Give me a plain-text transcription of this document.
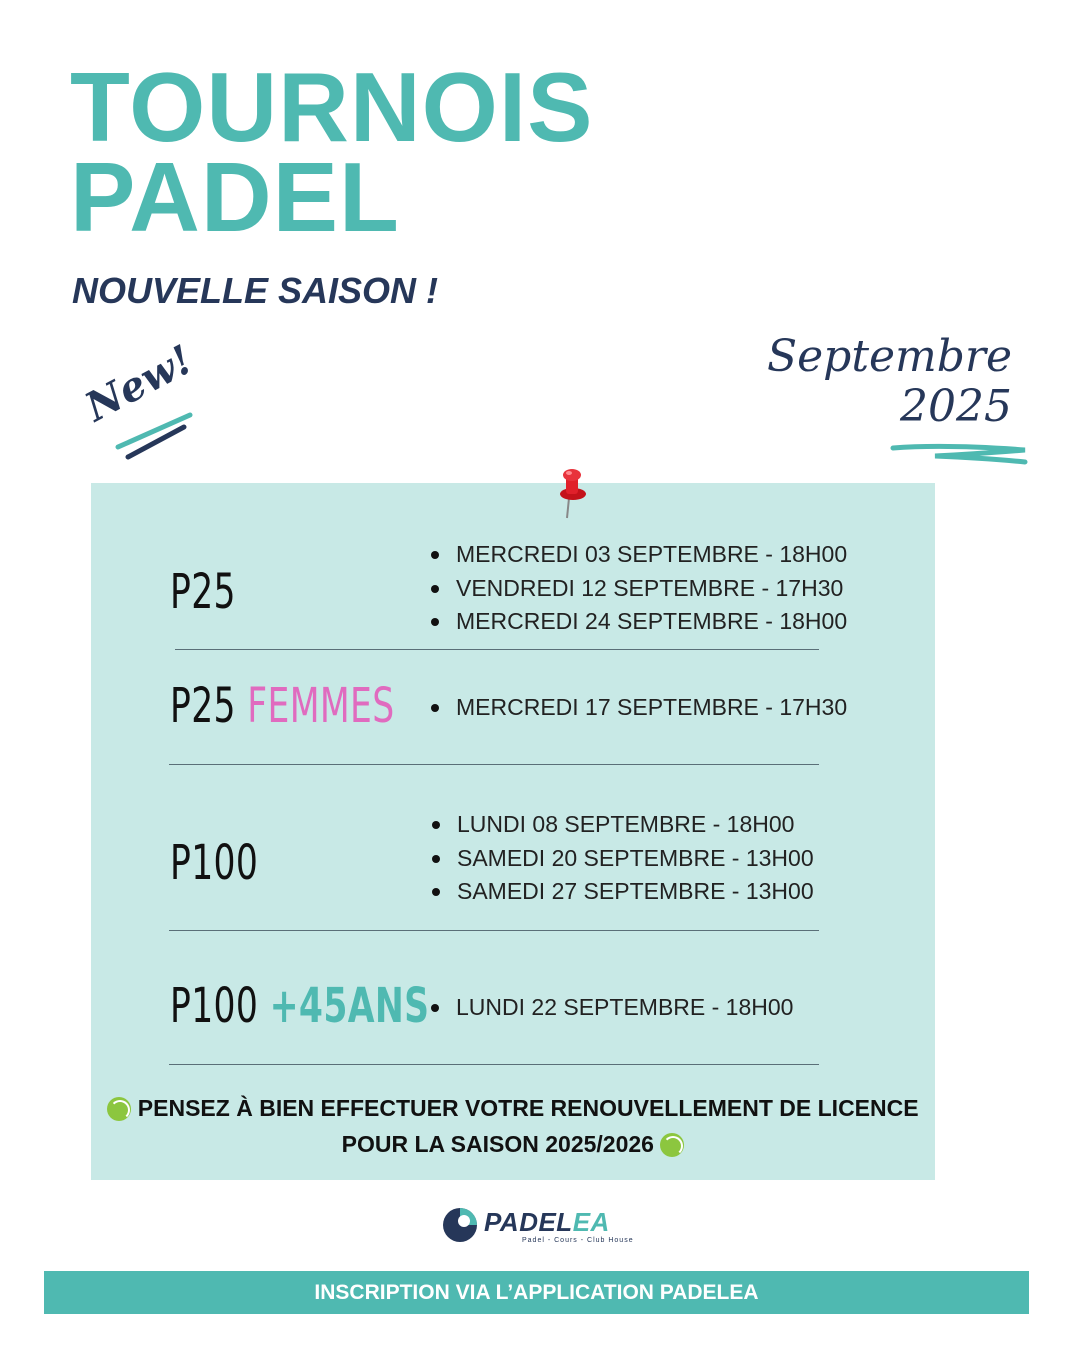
TOURNOIS
PADEL
NOUVELLE SAISON !
New!	Septembre
2025
P25
MERCREDI 03 SEPTEMBRE - 18H00
VENDREDI 12 SEPTEMBRE - 17H30
MERCREDI 24 SEPTEMBRE - 18H00
P25 FEMMES	MERCREDI 17 SEPTEMBRE - 17H30
P100
LUNDI 08 SEPTEMBRE - 18H00
SAMEDI 20 SEPTEMBRE - 13H00
SAMEDI 27 SEPTEMBRE - 13H00
P100 +45ANS	LUNDI 22 SEPTEMBRE - 18H00
PENSEZ À BIEN EFFECTUER VOTRE RENOUVELLEMENT DE LICENCE
POUR LA SAISON 2025/2026
PADELEA
Padel - Cours - Club House
INSCRIPTION VIA L’APPLICATION PADELEA
